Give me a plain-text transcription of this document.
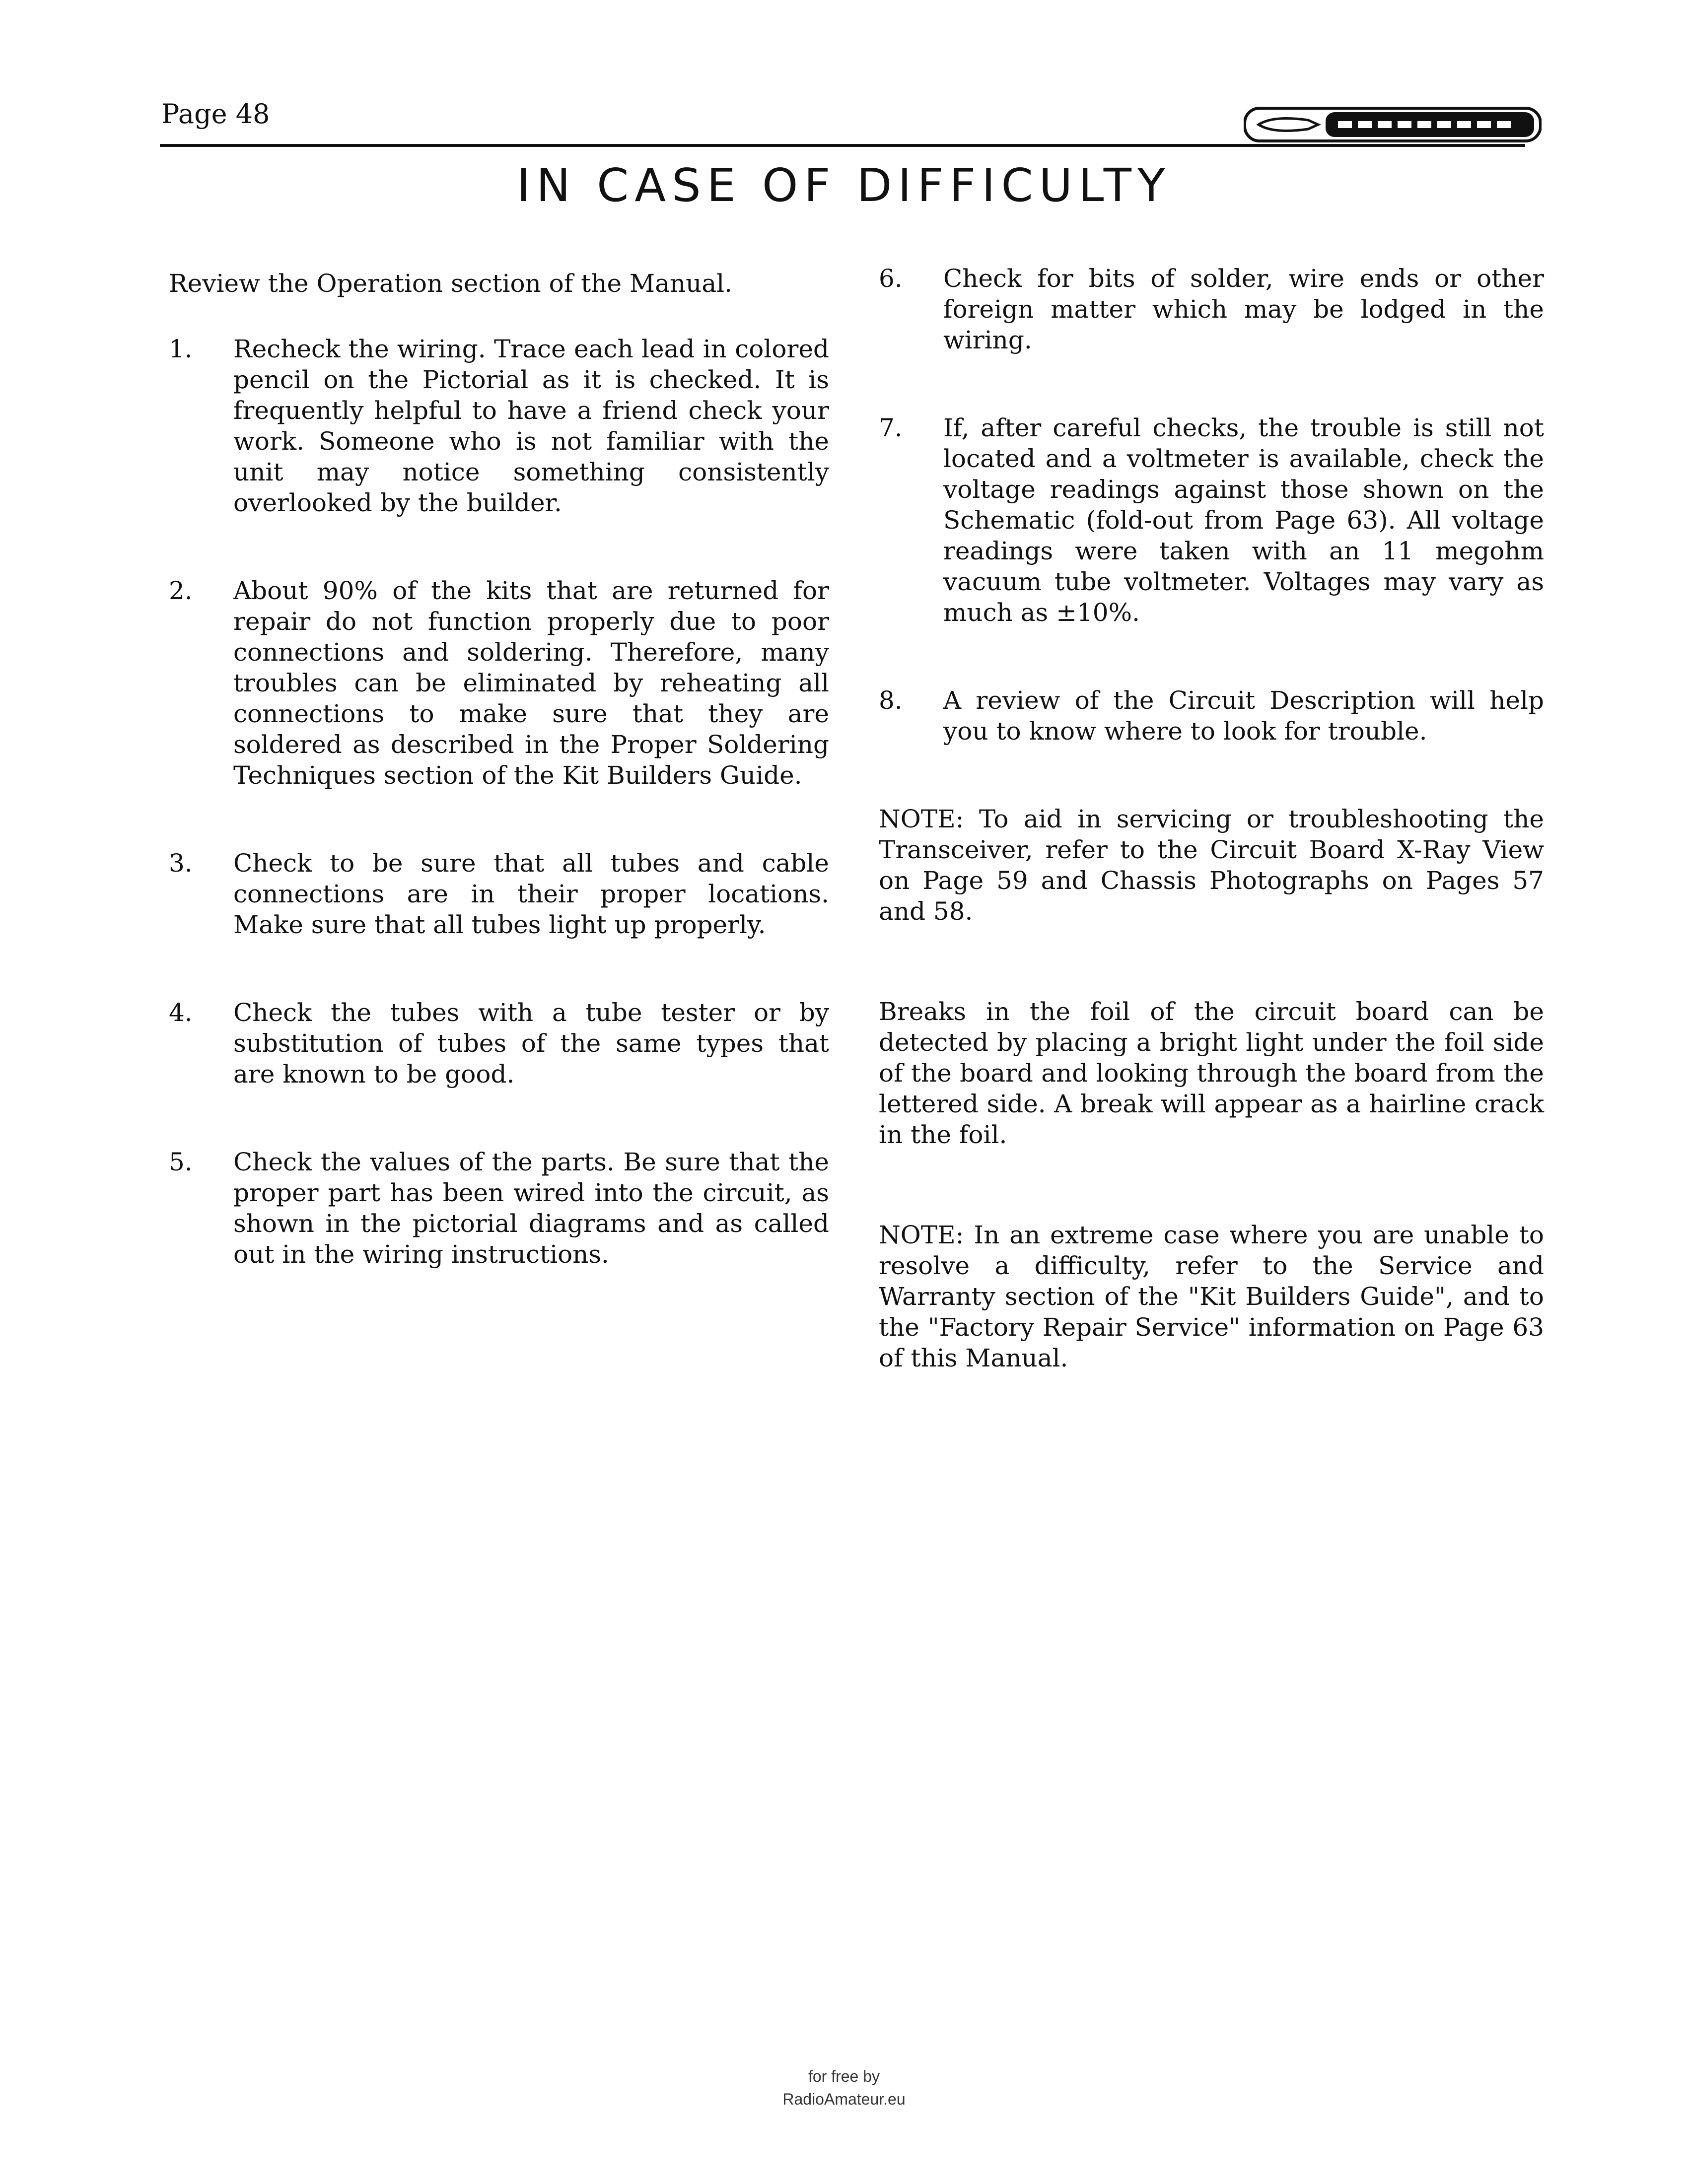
Page 48
IN CASE OF DIFFICULTY

Review the Operation section of the Manual.

1.	Recheck the wiring. Trace each lead in colored pencil on the Pictorial as it is checked. It is frequently helpful to have a friend check your work. Someone who is not familiar with the unit may notice something consistently overlooked by the builder.
2.	About 90% of the kits that are returned for repair do not function properly due to poor connections and soldering. Therefore, many troubles can be eliminated by reheating all connections to make sure that they are soldered as described in the Proper Soldering Techniques section of the Kit Builders Guide.
3.	Check to be sure that all tubes and cable connections are in their proper locations. Make sure that all tubes light up properly.
4.	Check the tubes with a tube tester or by substitution of tubes of the same types that are known to be good.
5.	Check the values of the parts. Be sure that the proper part has been wired into the circuit, as shown in the pictorial diagrams and as called out in the wiring instructions.
6.	Check for bits of solder, wire ends or other foreign matter which may be lodged in the wiring.
7.	If, after careful checks, the trouble is still not located and a voltmeter is available, check the voltage readings against those shown on the Schematic (fold-out from Page 63). All voltage readings were taken with an 11 megohm vacuum tube voltmeter. Voltages may vary as much as ±10%.
8.	A review of the Circuit Description will help you to know where to look for trouble.

NOTE: To aid in servicing or troubleshooting the Transceiver, refer to the Circuit Board X-Ray View on Page 59 and Chassis Photographs on Pages 57 and 58.

Breaks in the foil of the circuit board can be detected by placing a bright light under the foil side of the board and looking through the board from the lettered side. A break will appear as a hairline crack in the foil.

NOTE: In an extreme case where you are unable to resolve a difficulty, refer to the Service and Warranty section of the "Kit Builders Guide", and to the "Factory Repair Service" information on Page 63 of this Manual.

for free by
RadioAmateur.eu
